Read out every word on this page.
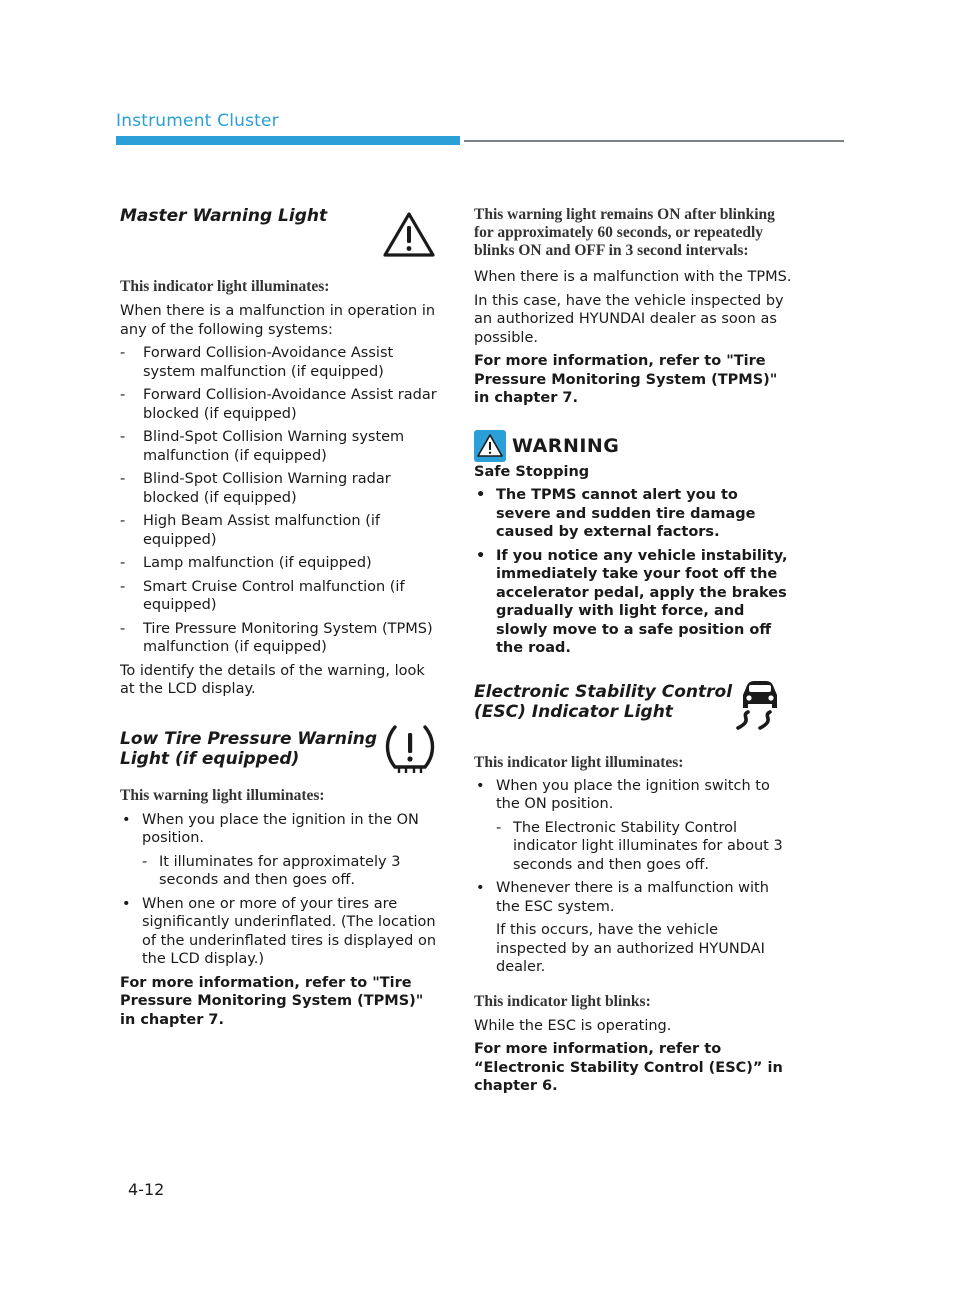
Instrument Cluster

Master Warning Light

This indicator light illuminates:

When there is a malfunction in operation in any of the following systems:

- Forward Collision-Avoidance Assist system malfunction (if equipped)
- Forward Collision-Avoidance Assist radar blocked (if equipped)
- Blind-Spot Collision Warning system malfunction (if equipped)
- Blind-Spot Collision Warning radar blocked (if equipped)
- High Beam Assist malfunction (if equipped)
- Lamp malfunction (if equipped)
- Smart Cruise Control malfunction (if equipped)
- Tire Pressure Monitoring System (TPMS) malfunction (if equipped)

To identify the details of the warning, look at the LCD display.

Low Tire Pressure Warning

Light (if equipped)

This warning light illuminates:

• When you place the ignition in the ON position.
- It illuminates for approximately 3 seconds and then goes off.
• When one or more of your tires are significantly underinflated. (The location of the underinflated tires is displayed on the LCD display.)

For more information, refer to "Tire Pressure Monitoring System (TPMS)" in chapter 7.

This warning light remains ON after blinking for approximately 60 seconds, or repeatedly blinks ON and OFF in 3 second intervals:

When there is a malfunction with the TPMS.

In this case, have the vehicle inspected by an authorized HYUNDAI dealer as soon as possible.

For more information, refer to "Tire Pressure Monitoring System (TPMS)" in chapter 7.

WARNING

Safe Stopping

• The TPMS cannot alert you to severe and sudden tire damage caused by external factors.
• If you notice any vehicle instability, immediately take your foot off the accelerator pedal, apply the brakes gradually with light force, and slowly move to a safe position off the road.

Electronic Stability Control

(ESC) Indicator Light

This indicator light illuminates:

• When you place the ignition switch to the ON position.
- The Electronic Stability Control indicator light illuminates for about 3 seconds and then goes off.
• Whenever there is a malfunction with the ESC system.

If this occurs, have the vehicle inspected by an authorized HYUNDAI dealer.

This indicator light blinks:

While the ESC is operating.

For more information, refer to “Electronic Stability Control (ESC)” in chapter 6.

4-12
